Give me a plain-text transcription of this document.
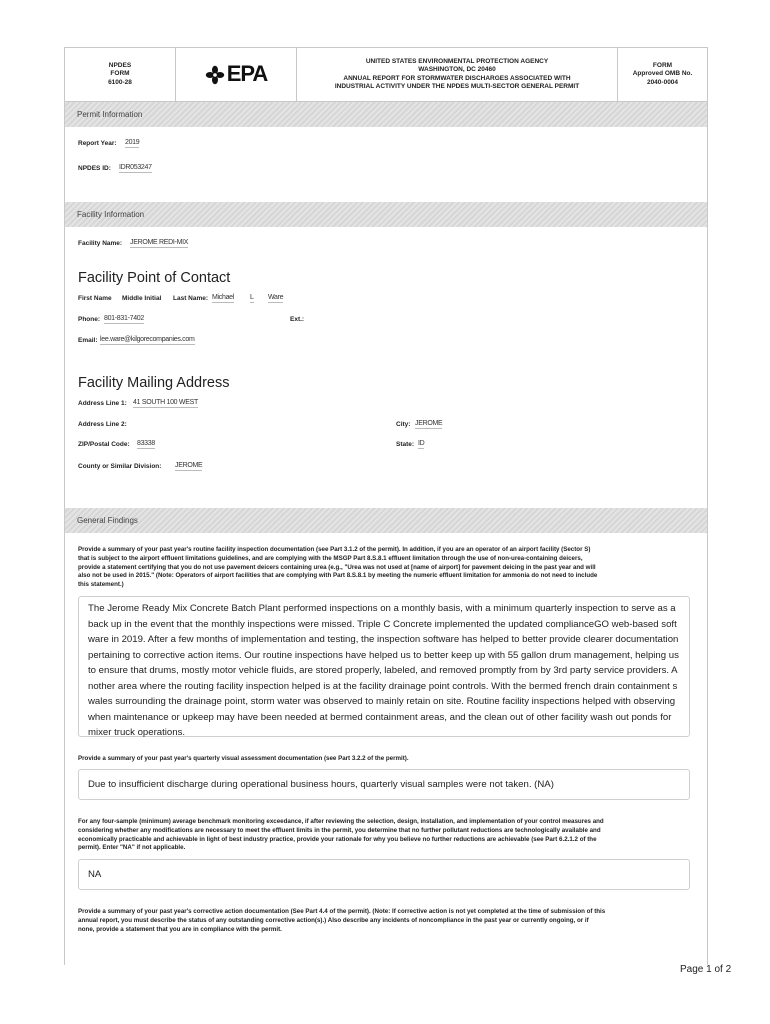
NPDES
FORM
6100-28	EPA
UNITED STATES ENVIRONMENTAL PROTECTION AGENCY
WASHINGTON, DC 20460
ANNUAL REPORT FOR STORMWATER DISCHARGES ASSOCIATED WITH
INDUSTRIAL ACTIVITY UNDER THE NPDES MULTI-SECTOR GENERAL PERMIT
FORM
Approved OMB No.
2040-0004
Permit Information
Report Year: 2019
NPDES ID: IDR053247
Facility Information
Facility Name: JEROME REDI-MIX
Facility Point of Contact
First Name Middle Initial Last Name: Michael L Ware
Phone: 801-831-7402	Ext.:
Email: lee.ware@kilgorecompanies.com
Facility Mailing Address
Address Line 1: 41 SOUTH 100 WEST
Address Line 2:	City: JEROME
ZIP/Postal Code: 83338	State: ID
County or Similar Division: JEROME
General Findings
Provide a summary of your past year's routine facility inspection documentation (see Part 3.1.2 of the permit). In addition, if you are an operator of an airport facility (Sector S)
that is subject to the airport effluent limitations guidelines, and are complying with the MSGP Part 8.S.8.1 effluent limitation through the use of non-urea-containing deicers,
provide a statement certifying that you do not use pavement deicers containing urea (e.g., "Urea was not used at [name of airport] for pavement deicing in the past year and will
also not be used in 2015." (Note: Operators of airport facilities that are complying with Part 8.S.8.1 by meeting the numeric effluent limitation for ammonia do not need to include
this statement.)
The Jerome Ready Mix Concrete Batch Plant performed inspections on a monthly basis, with a minimum quarterly inspection to serve as a back up in the event that the monthly inspections were missed. Triple C Concrete implemented the updated complianceGO web-based software in 2019. After a few months of implementation and testing, the inspection software has helped to better provide clearer documentation pertaining to corrective action items. Our routine inspections have helped us to better keep up with 55 gallon drum management, helping us to ensure that drums, mostly motor vehicle fluids, are stored properly, labeled, and removed promptly from by 3rd party service providers. Another area where the routing facility inspection helped is at the facility drainage point controls. With the bermed french drain containment swales surrounding the drainage point, storm water was observed to mainly retain on site. Routine facility inspections helped with observing when maintenance or upkeep may have been needed at bermed containment areas, and the clean out of other facility wash out ponds for mixer truck operations.
Provide a summary of your past year's quarterly visual assessment documentation (see Part 3.2.2 of the permit).
Due to insufficient discharge during operational business hours, quarterly visual samples were not taken. (NA)
For any four-sample (minimum) average benchmark monitoring exceedance, if after reviewing the selection, design, installation, and implementation of your control measures and
considering whether any modifications are necessary to meet the effluent limits in the permit, you determine that no further pollutant reductions are technologically available and
economically practicable and achievable in light of best industry practice, provide your rationale for why you believe no further reductions are achievable (see Part 6.2.1.2 of the
permit). Enter "NA" if not applicable.
NA
Provide a summary of your past year's corrective action documentation (See Part 4.4 of the permit). (Note: If corrective action is not yet completed at the time of submission of this
annual report, you must describe the status of any outstanding corrective action(s).) Also describe any incidents of noncompliance in the past year or currently ongoing, or if
none, provide a statement that you are in compliance with the permit.
Page 1 of 2
